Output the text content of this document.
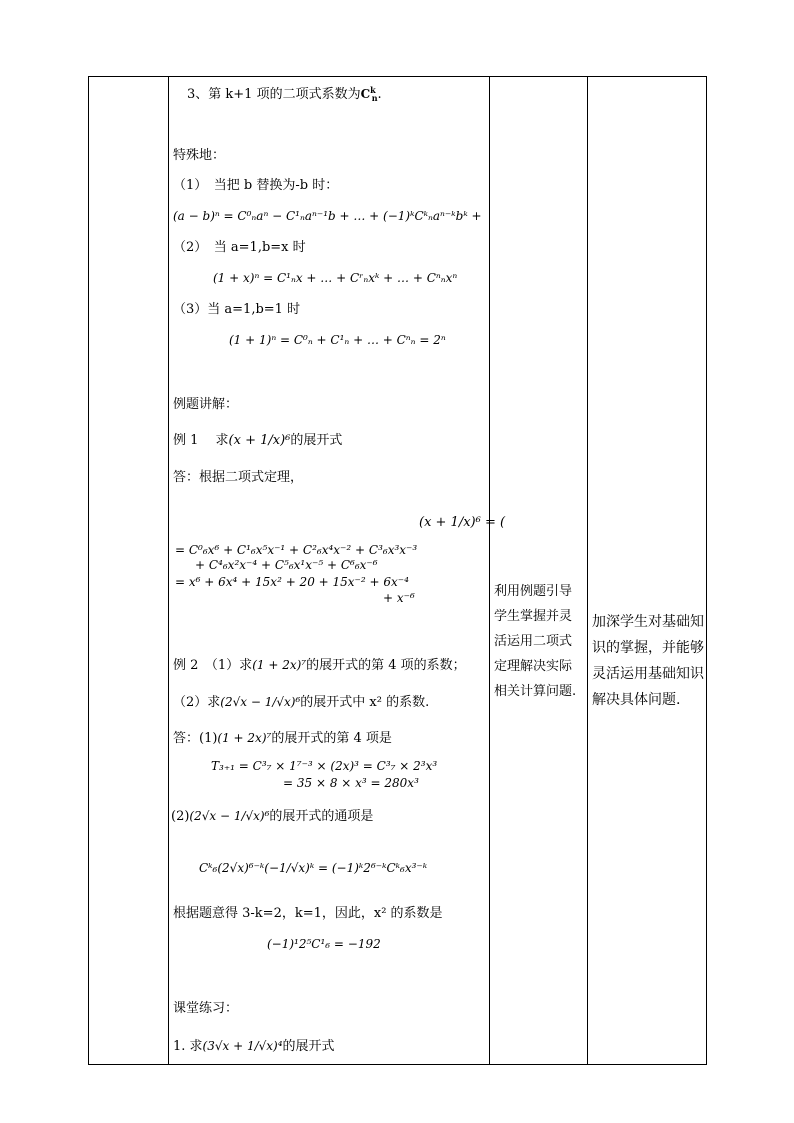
3、第 k+1 项的二项式系数为$C^k_n$.
特殊地：
（1）　当把 b 替换为-b 时：
(a − b)ⁿ = C⁰ₙaⁿ − C¹ₙaⁿ⁻¹b + … + (−1)ᵏCᵏₙaⁿ⁻ᵏbᵏ +
（2）　当 a=1,b=x 时
(1 + x)ⁿ = C¹ₙx + … + Cʳₙxᵏ + … + Cⁿₙxⁿ
（3）当 a=1,b=1 时
(1 + 1)ⁿ = C⁰ₙ + C¹ₙ + … + Cⁿₙ = 2ⁿ
例题讲解：
例 1　 求(x + 1/x)⁶的展开式
答：根据二项式定理，
(x + 1/x)⁶ = (
= C⁰₆x⁶ + C¹₆x⁵x⁻¹ + C²₆x⁴x⁻² + C³₆x³x⁻³
+ C⁴₆x²x⁻⁴ + C⁵₆x¹x⁻⁵ + C⁶₆x⁻⁶
= x⁶ + 6x⁴ + 15x² + 20 + 15x⁻² + 6x⁻⁴
+ x⁻⁶
例 2　（1）求(1 + 2x)⁷的展开式的第 4 项的系数；
（2）求(2√x − 1/√x)⁶的展开式中 x² 的系数.
答：(1)(1 + 2x)⁷的展开式的第 4 项是
T₃₊₁ = C³₇ × 1⁷⁻³ × (2x)³ = C³₇ × 2³x³
= 35 × 8 × x³ = 280x³
(2)(2√x − 1/√x)⁶的展开式的通项是
Cᵏ₆(2√x)⁶⁻ᵏ(−1/√x)ᵏ = (−1)ᵏ2⁶⁻ᵏCᵏ₆x³⁻ᵏ
根据题意得 3-k=2，k=1，因此，x² 的系数是
(−1)¹2⁵C¹₆ = −192
课堂练习：
1. 求(3√x + 1/√x)⁴的展开式
利用例题引导学生掌握并灵活运用二项式定理解决实际相关计算问题.
加深学生对基础知识的掌握，并能够灵活运用基础知识解决具体问题.
